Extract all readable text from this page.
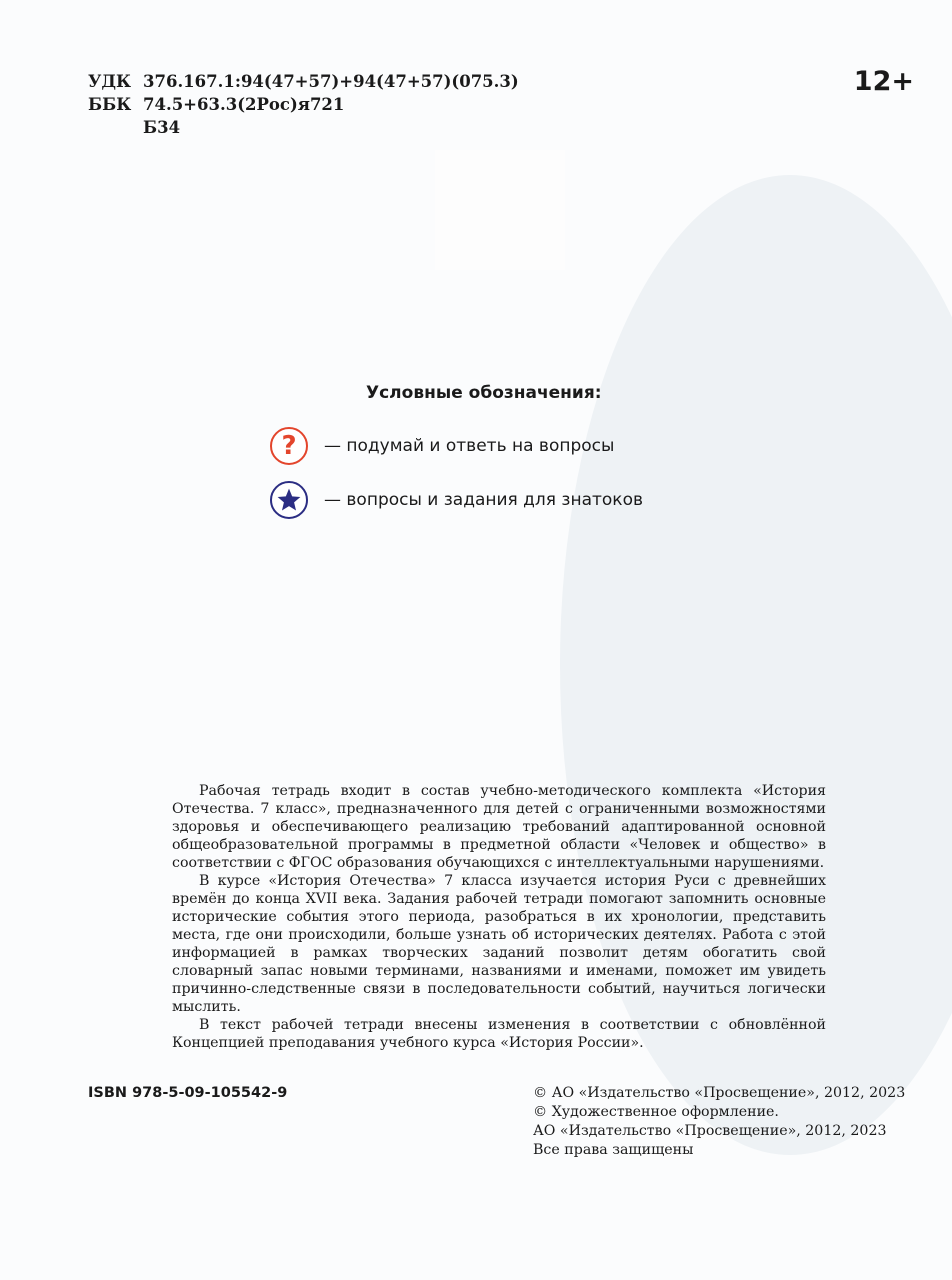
УДК 376.167.1:94(47+57)+94(47+57)(075.3)
ББК 74.5+63.3(2Рос)я721
Б34
12+
Условные обозначения:
?	— подумай и ответь на вопросы
— вопросы и задания для знатоков

Рабочая тетрадь входит в состав учебно-методического комплекта «История Отечества. 7 класс», предназначенного для детей с ограниченными возможностями здоровья и обеспечивающего реализацию требований адаптированной основной общеобразовательной программы в предметной области «Человек и общество» в соответствии с ФГОС образования обучающихся с интеллектуальными нарушениями.

В курсе «История Отечества» 7 класса изучается история Руси с древнейших времён до конца XVII века. Задания рабочей тетради помогают запомнить основные исторические события этого периода, разобраться в их хронологии, представить места, где они происходили, больше узнать об исторических деятелях. Работа с этой информацией в рамках творческих заданий позволит детям обогатить свой словарный запас новыми терминами, названиями и именами, поможет им увидеть причинно-следственные связи в последовательности событий, научиться логически мыслить.

В текст рабочей тетради внесены изменения в соответствии с обновлённой Концепцией преподавания учебного курса «История России».

ISBN 978-5-09-105542-9	© АО «Издательство «Просвещение», 2012, 2023
© Художественное оформление.
АО «Издательство «Просвещение», 2012, 2023
Все права защищены
